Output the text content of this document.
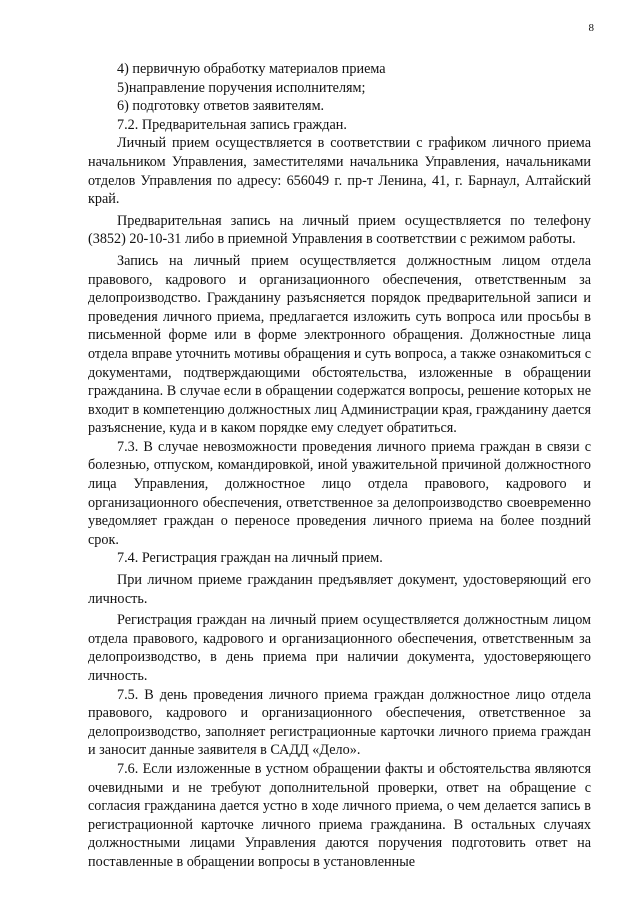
8

4) первичную обработку материалов приема

5)направление поручения исполнителям;

6) подготовку ответов заявителям.

7.2. Предварительная запись граждан.

Личный прием осуществляется в соответствии с графиком личного приема начальником Управления, заместителями начальника Управления, начальниками отделов Управления по адресу: 656049 г. пр-т Ленина, 41, г. Барнаул, Алтайский край.

Предварительная запись на личный прием осуществляется по телефону (3852) 20-10-31 либо в приемной Управления в соответствии с режимом работы.

Запись на личный прием осуществляется должностным лицом отдела правового, кадрового и организационного обеспечения, ответственным за делопроизводство. Гражданину разъясняется порядок предварительной записи и проведения личного приема, предлагается изложить суть вопроса или просьбы в письменной форме или в форме электронного обращения. Должностные лица отдела вправе уточнить мотивы обращения и суть вопроса, а также ознакомиться с документами, подтверждающими обстоятельства, изложенные в обращении гражданина. В случае если в обращении содержатся вопросы, решение которых не входит в компетенцию должностных лиц Администрации края, гражданину дается разъяснение, куда и в каком порядке ему следует обратиться.

7.3. В случае невозможности проведения личного приема граждан в связи с болезнью, отпуском, командировкой, иной уважительной причиной должностного лица Управления, должностное лицо отдела правового, кадрового и организационного обеспечения, ответственное за делопроизводство своевременно уведомляет граждан о переносе проведения личного приема на более поздний срок.

7.4. Регистрация граждан на личный прием.

При личном приеме гражданин предъявляет документ, удостоверяющий его личность.

Регистрация граждан на личный прием осуществляется должностным лицом отдела правового, кадрового и организационного обеспечения, ответственным за делопроизводство, в день приема при наличии документа, удостоверяющего личность.

7.5. В день проведения личного приема граждан должностное лицо отдела правового, кадрового и организационного обеспечения, ответственное за делопроизводство, заполняет регистрационные карточки личного приема граждан и заносит данные заявителя в САДД «Дело».

7.6. Если изложенные в устном обращении факты и обстоятельства являются очевидными и не требуют дополнительной проверки, ответ на обращение с согласия гражданина дается устно в ходе личного приема, о чем делается запись в регистрационной карточке личного приема гражданина. В остальных случаях должностными лицами Управления даются поручения подготовить ответ на поставленные в обращении вопросы в установленные
